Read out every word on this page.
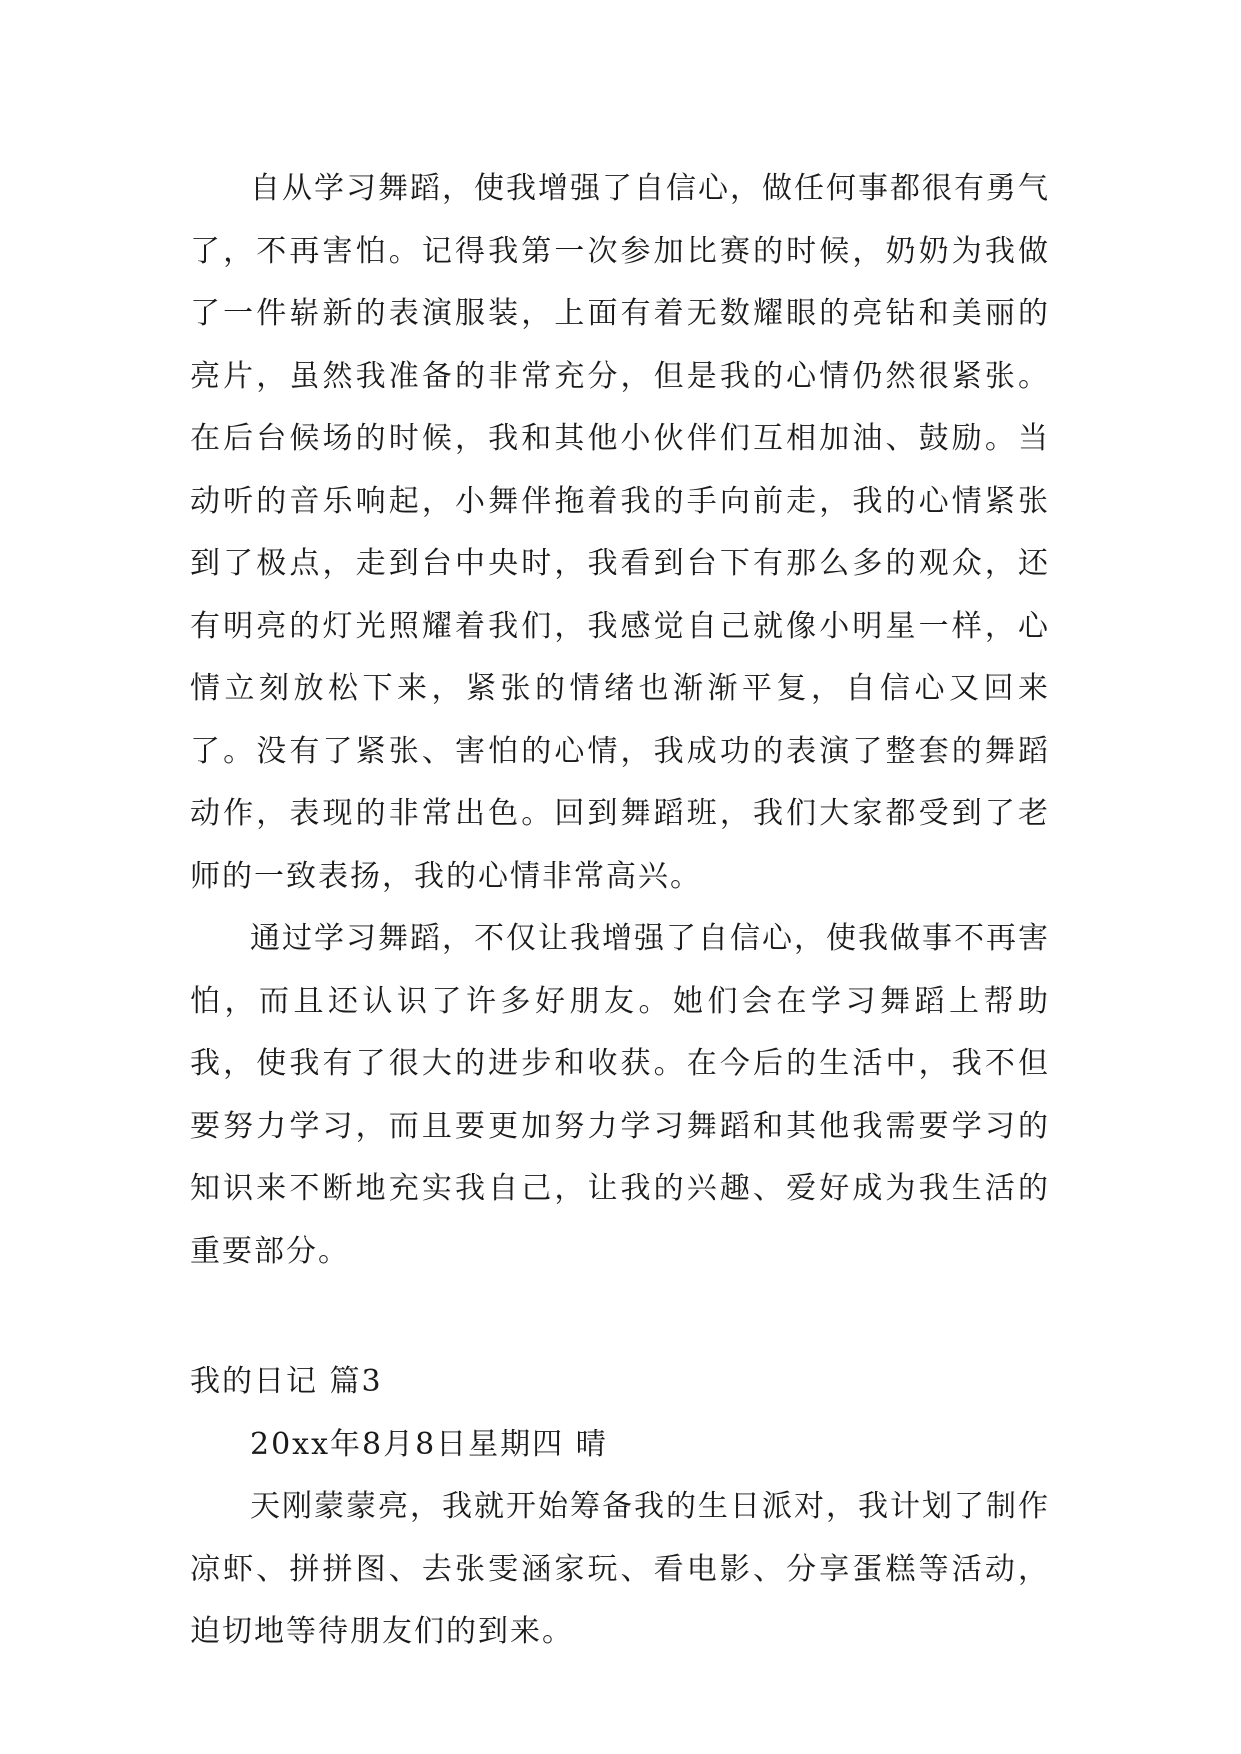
自从学习舞蹈，使我增强了自信心，做任何事都很有勇气了，不再害怕。记得我第一次参加比赛的时候，奶奶为我做了一件崭新的表演服装，上面有着无数耀眼的亮钻和美丽的亮片，虽然我准备的非常充分，但是我的心情仍然很紧张。在后台候场的时候，我和其他小伙伴们互相加油、鼓励。当动听的音乐响起，小舞伴拖着我的手向前走，我的心情紧张到了极点，走到台中央时，我看到台下有那么多的观众，还有明亮的灯光照耀着我们，我感觉自己就像小明星一样，心情立刻放松下来，紧张的情绪也渐渐平复，自信心又回来了。没有了紧张、害怕的心情，我成功的表演了整套的舞蹈动作，表现的非常出色。回到舞蹈班，我们大家都受到了老师的一致表扬，我的心情非常高兴。

通过学习舞蹈，不仅让我增强了自信心，使我做事不再害怕，而且还认识了许多好朋友。她们会在学习舞蹈上帮助我，使我有了很大的进步和收获。在今后的生活中，我不但要努力学习，而且要更加努力学习舞蹈和其他我需要学习的知识来不断地充实我自己，让我的兴趣、爱好成为我生活的重要部分。

我的日记 篇3

20xx年8月8日星期四 晴

天刚蒙蒙亮，我就开始筹备我的生日派对，我计划了制作凉虾、拼拼图、去张雯涵家玩、看电影、分享蛋糕等活动，迫切地等待朋友们的到来。
